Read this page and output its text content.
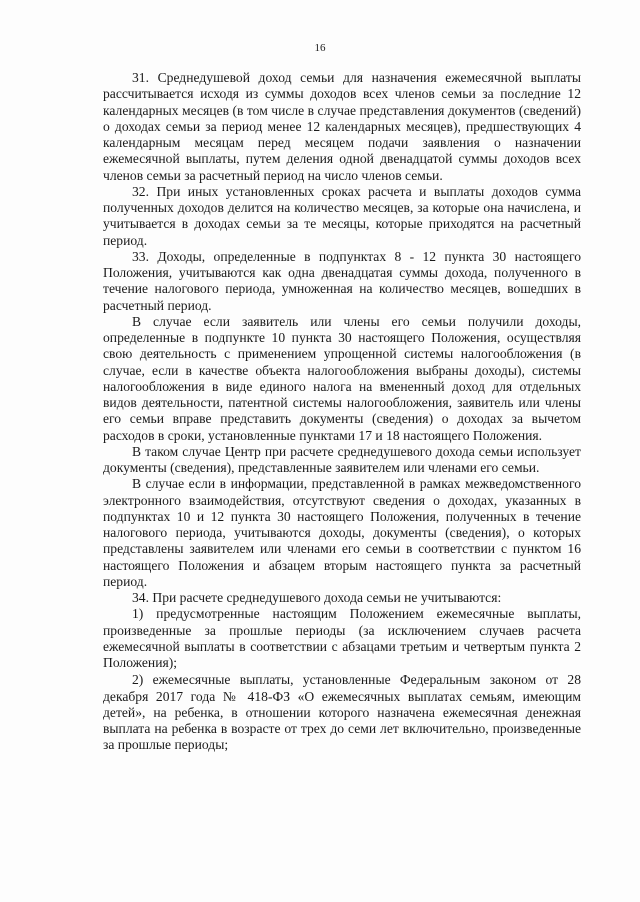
16

31. Среднедушевой доход семьи для назначения ежемесячной выплаты рассчитывается исходя из суммы доходов всех членов семьи за последние 12 календарных месяцев (в том числе в случае представления документов (сведений) о доходах семьи за период менее 12 календарных месяцев), предшествующих 4 календарным месяцам перед месяцем подачи заявления о назначении ежемесячной выплаты, путем деления одной двенадцатой суммы доходов всех членов семьи за расчетный период на число членов семьи.

32. При иных установленных сроках расчета и выплаты доходов сумма полученных доходов делится на количество месяцев, за которые она начислена, и учитывается в доходах семьи за те месяцы, которые приходятся на расчетный период.

33. Доходы, определенные в подпунктах 8 - 12 пункта 30 настоящего Положения, учитываются как одна двенадцатая суммы дохода, полученного в течение налогового периода, умноженная на количество месяцев, вошедших в расчетный период.

В случае если заявитель или члены его семьи получили доходы, определенные в подпункте 10 пункта 30 настоящего Положения, осуществляя свою деятельность с применением упрощенной системы налогообложения (в случае, если в качестве объекта налогообложения выбраны доходы), системы налогообложения в виде единого налога на вмененный доход для отдельных видов деятельности, патентной системы налогообложения, заявитель или члены его семьи вправе представить документы (сведения) о доходах за вычетом расходов в сроки, установленные пунктами 17 и 18 настоящего Положения.

В таком случае Центр при расчете среднедушевого дохода семьи использует документы (сведения), представленные заявителем или членами его семьи.

В случае если в информации, представленной в рамках межведомственного электронного взаимодействия, отсутствуют сведения о доходах, указанных в подпунктах 10 и 12 пункта 30 настоящего Положения, полученных в течение налогового периода, учитываются доходы, документы (сведения), о которых представлены заявителем или членами его семьи в соответствии с пунктом 16 настоящего Положения и абзацем вторым настоящего пункта за расчетный период.

34. При расчете среднедушевого дохода семьи не учитываются:

1) предусмотренные настоящим Положением ежемесячные выплаты, произведенные за прошлые периоды (за исключением случаев расчета ежемесячной выплаты в соответствии с абзацами третьим и четвертым пункта 2 Положения);

2) ежемесячные выплаты, установленные Федеральным законом от 28 декабря 2017 года № 418-ФЗ «О ежемесячных выплатах семьям, имеющим детей», на ребенка, в отношении которого назначена ежемесячная денежная выплата на ребенка в возрасте от трех до семи лет включительно, произведенные за прошлые периоды;
